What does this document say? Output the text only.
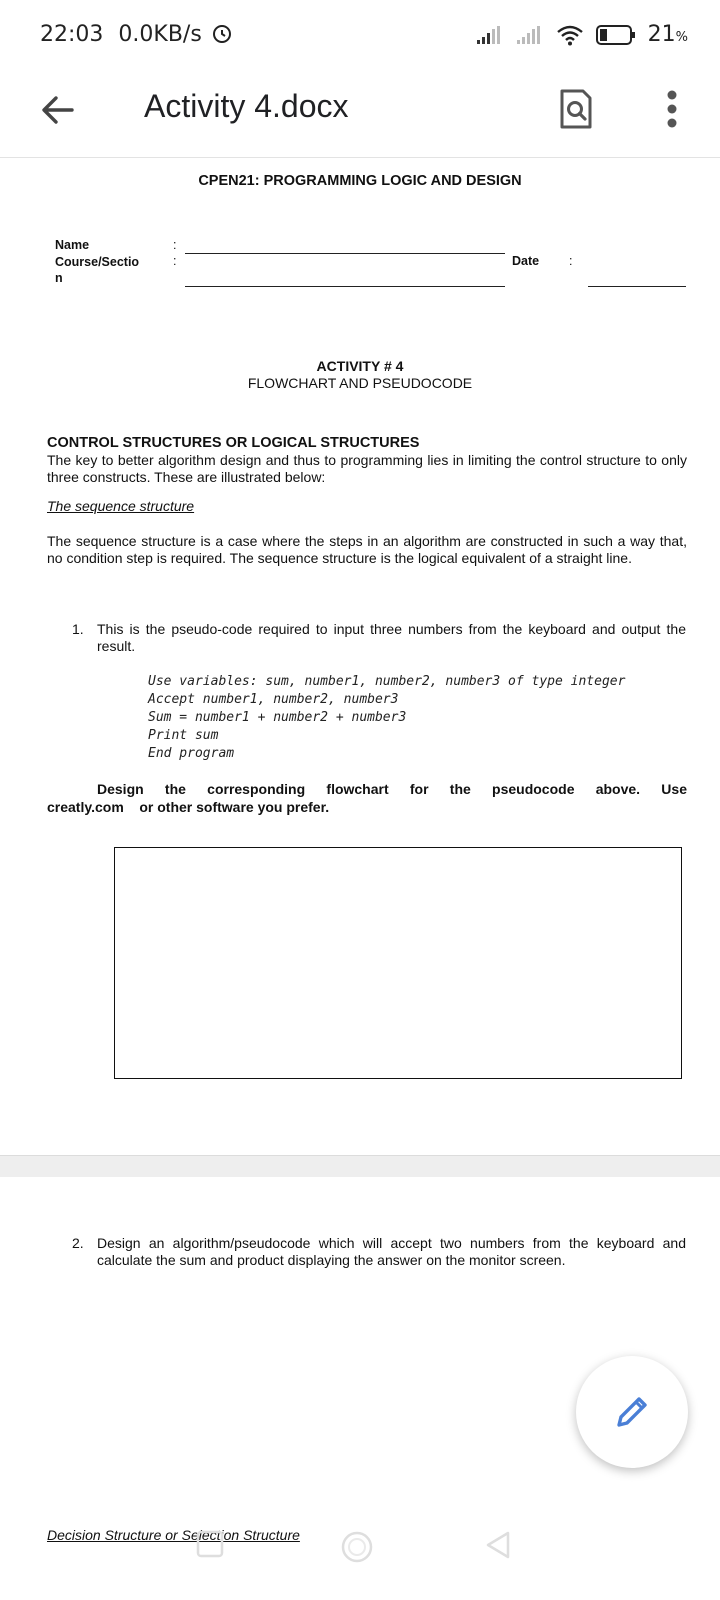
22:03 0.0KB/s	21%
Activity 4.docx
CPEN21: PROGRAMMING LOGIC AND DESIGN
Name
Course/Sectio
n
:
:	Date :
ACTIVITY # 4
FLOWCHART AND PSEUDOCODE
CONTROL STRUCTURES OR LOGICAL STRUCTURES
The key to better algorithm design and thus to programming lies in limiting the control structure to only three constructs. These are illustrated below:
The sequence structure
The sequence structure is a case where the steps in an algorithm are constructed in such a way that, no condition step is required. The sequence structure is the logical equivalent of a straight line.
1. This is the pseudo-code required to input three numbers from the keyboard and output the result.
Use variables: sum, number1, number2, number3 of type integer
Accept number1, number2, number3
Sum = number1 + number2 + number3
Print sum
End program
Design the corresponding flowchart for the pseudocode above. Use
creatly.com    or other software you prefer.
2. Design an algorithm/pseudocode which will accept two numbers from the keyboard and calculate the sum and product displaying the answer on the monitor screen.
Decision Structure or Selection Structure
